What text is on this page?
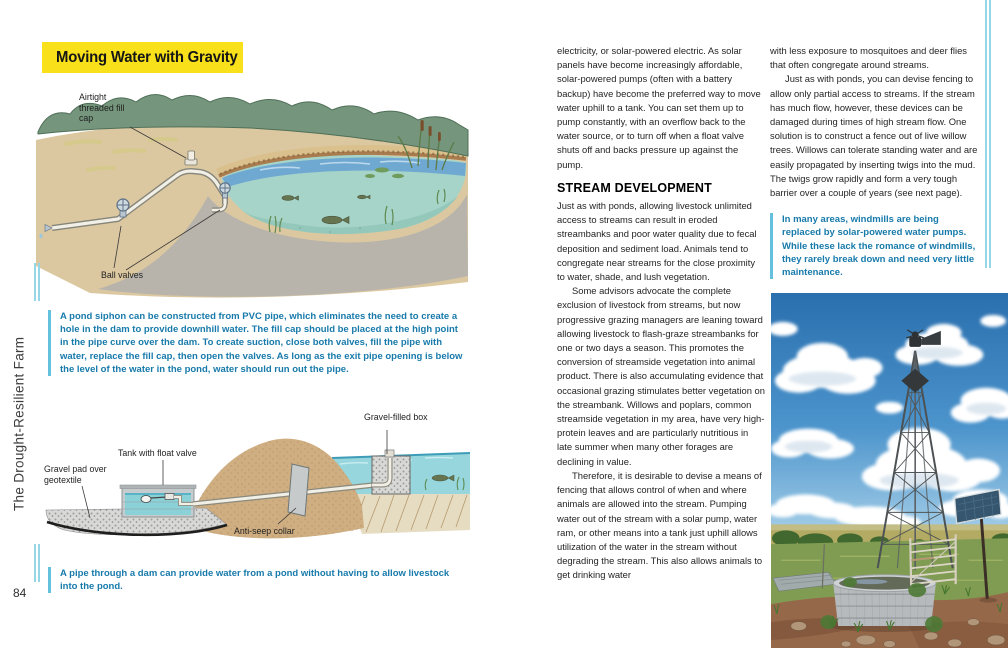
Moving Water with Gravity
Airtight threaded fill cap
Ball valves
A pond siphon can be constructed from PVC pipe, which eliminates the need to create a hole in the dam to provide downhill water. The fill cap should be placed at the high point in the pipe curve over the dam. To create suction, close both valves, fill the pipe with water, replace the fill cap, then open the valves. As long as the exit pipe opening is below the level of the water in the pond, water should run out the pipe.
Gravel pad over geotextile
Tank with float valve
Anti-seep collar
Gravel-filled box
A pipe through a dam can provide water from a pond without having to allow livestock into the pond.
The Drought-Resilient Farm
84

electricity, or solar-powered electric. As solar panels have become increasingly affordable, solar-powered pumps (often with a battery backup) have become the preferred way to move water uphill to a tank. You can set them up to pump constantly, with an overflow back to the water source, or to turn off when a float valve shuts off and backs pressure up against the pump.

STREAM DEVELOPMENT

Just as with ponds, allowing livestock unlimited access to streams can result in eroded streambanks and poor water quality due to fecal deposition and sediment load. Animals tend to congregate near streams for the close proximity to water, shade, and lush vegetation.

Some advisors advocate the complete exclusion of livestock from streams, but now progressive grazing managers are leaning toward allowing livestock to flash-graze streambanks for one or two days a season. This promotes the conversion of streamside vegetation into animal product. There is also accumulating evidence that occasional grazing stimulates better vegetation on the streambank. Willows and poplars, common streamside vegetation in my area, have very high-protein leaves and are particularly nutritious in late summer when many other forages are declining in value.

Therefore, it is desirable to devise a means of fencing that allows control of when and where animals are allowed into the stream. Pumping water out of the stream with a solar pump, water ram, or other means into a tank just uphill allows utilization of the water in the stream without degrading the stream. This also allows animals to get drinking water

with less exposure to mosquitoes and deer flies that often congregate around streams.

Just as with ponds, you can devise fencing to allow only partial access to streams. If the stream has much flow, however, these devices can be damaged during times of high stream flow. One solution is to construct a fence out of live willow trees. Willows can tolerate standing water and are easily propagated by inserting twigs into the mud. The twigs grow rapidly and form a very tough barrier over a couple of years (see next page).

In many areas, windmills are being replaced by solar-powered water pumps. While these lack the romance of windmills, they rarely break down and need very little maintenance.
